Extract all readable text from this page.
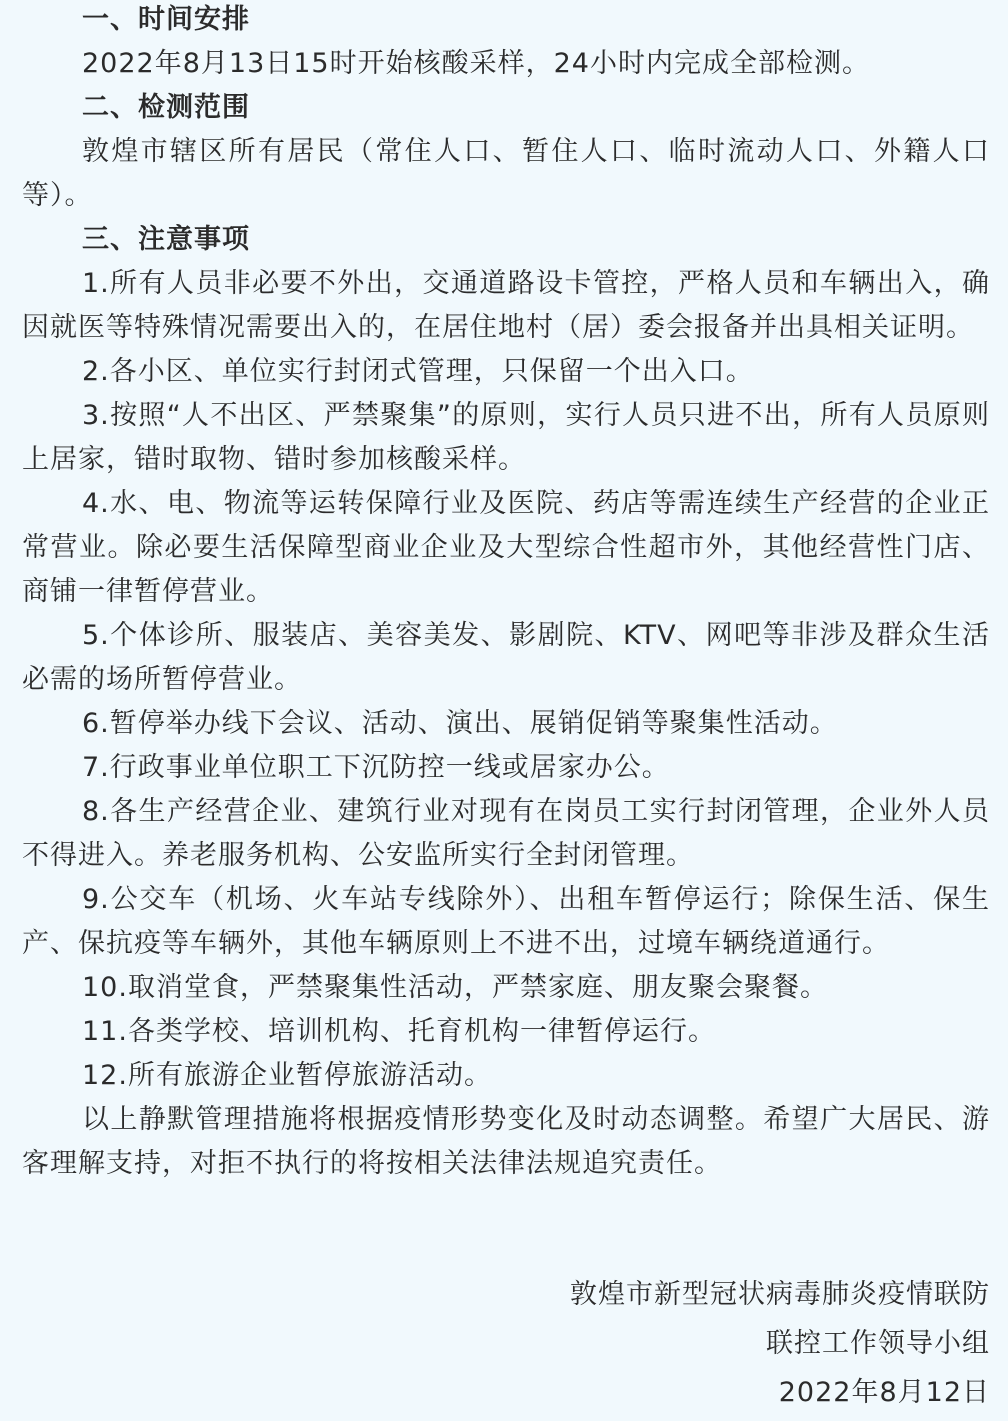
一、时间安排

2022年8月13日15时开始核酸采样，24小时内完成全部检测。

二、检测范围

敦煌市辖区所有居民（常住人口、暂住人口、临时流动人口、外籍人口等）。

三、注意事项

1.所有人员非必要不外出，交通道路设卡管控，严格人员和车辆出入，确因就医等特殊情况需要出入的，在居住地村（居）委会报备并出具相关证明。

2.各小区、单位实行封闭式管理，只保留一个出入口。

3.按照“人不出区、严禁聚集”的原则，实行人员只进不出，所有人员原则上居家，错时取物、错时参加核酸采样。

4.水、电、物流等运转保障行业及医院、药店等需连续生产经营的企业正常营业。除必要生活保障型商业企业及大型综合性超市外，其他经营性门店、商铺一律暂停营业。

5.个体诊所、服装店、美容美发、影剧院、KTV、网吧等非涉及群众生活必需的场所暂停营业。

6.暂停举办线下会议、活动、演出、展销促销等聚集性活动。

7.行政事业单位职工下沉防控一线或居家办公。

8.各生产经营企业、建筑行业对现有在岗员工实行封闭管理，企业外人员不得进入。养老服务机构、公安监所实行全封闭管理。

9.公交车（机场、火车站专线除外）、出租车暂停运行；除保生活、保生产、保抗疫等车辆外，其他车辆原则上不进不出，过境车辆绕道通行。

10.取消堂食，严禁聚集性活动，严禁家庭、朋友聚会聚餐。

11.各类学校、培训机构、托育机构一律暂停运行。

12.所有旅游企业暂停旅游活动。

以上静默管理措施将根据疫情形势变化及时动态调整。希望广大居民、游客理解支持，对拒不执行的将按相关法律法规追究责任。

敦煌市新型冠状病毒肺炎疫情联防
联控工作领导小组
2022年8月12日
